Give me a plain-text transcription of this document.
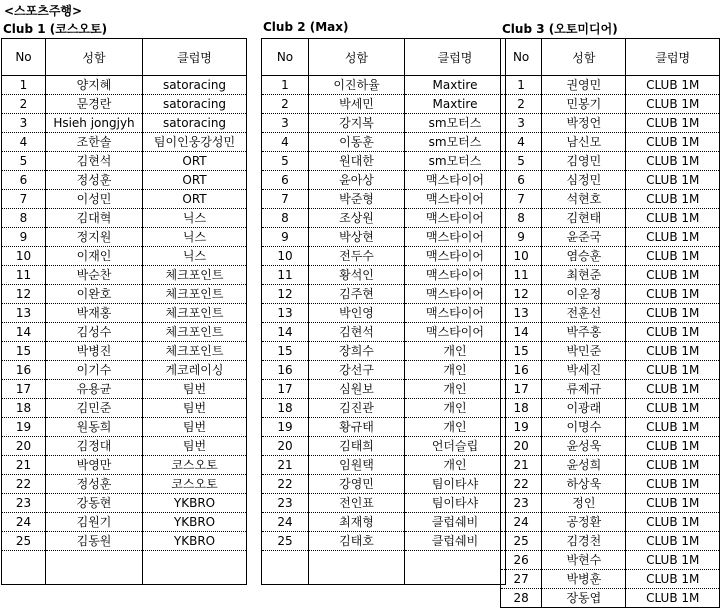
<스포츠주행>
Club 1 (코스오토)
No	성함	클럽명
1	양지혜	satoracing
2	문경란	satoracing
3	Hsieh jongjyh	satoracing
4	조한솔	팀이인웅강성민
5	김현석	ORT
6	정성훈	ORT
7	이성민	ORT
8	김대혁	닉스
9	정지원	닉스
10	이재인	닉스
11	박순찬	체크포인트
12	이완호	체크포인트
13	박재홍	체크포인트
14	김성수	체크포인트
15	박병진	체크포인트
16	이기수	게코레이싱
17	유용균	팀번
18	김민준	팀번
19	원동희	팀번
20	김정대	팀번
21	박영만	코스오토
22	정성훈	코스오토
23	강동현	YKBRO
24	김원기	YKBRO
25	김동원	YKBRO

Club 2 (Max)
No	성함	클럽명
1	이진하율	Maxtire
2	박세민	Maxtire
3	강지복	sm모터스
4	이동훈	sm모터스
5	원대한	sm모터스
6	윤아상	맥스타이어
7	박준형	맥스타이어
8	조상원	맥스타이어
9	박상현	맥스타이어
10	전두수	맥스타이어
11	황석인	맥스타이어
12	김주현	맥스타이어
13	박인영	맥스타이어
14	김현석	맥스타이어
15	장희수	개인
16	강선구	개인
17	심원보	개인
18	김진관	개인
19	황규태	개인
20	김태희	언더슬립
21	임원택	개인
22	강영민	팀이타샤
23	전인표	팀이타샤
24	최재형	클럽쉐비
25	김태호	클럽쉐비

Club 3 (오토미디어)
No	성함	클럽명
1	권영민	CLUB 1M
2	민봉기	CLUB 1M
3	박정언	CLUB 1M
4	남신모	CLUB 1M
5	김영민	CLUB 1M
6	심정민	CLUB 1M
7	석현호	CLUB 1M
8	김현태	CLUB 1M
9	윤준국	CLUB 1M
10	염승훈	CLUB 1M
11	최현준	CLUB 1M
12	이운정	CLUB 1M
13	전훈선	CLUB 1M
14	박주홍	CLUB 1M
15	박민준	CLUB 1M
16	박세진	CLUB 1M
17	류제규	CLUB 1M
18	이광래	CLUB 1M
19	이명수	CLUB 1M
20	윤성욱	CLUB 1M
21	윤성희	CLUB 1M
22	하상욱	CLUB 1M
23	정인	CLUB 1M
24	공정환	CLUB 1M
25	김경천	CLUB 1M
26	박현수	CLUB 1M
27	박병훈	CLUB 1M
28	장동엽	CLUB 1M
